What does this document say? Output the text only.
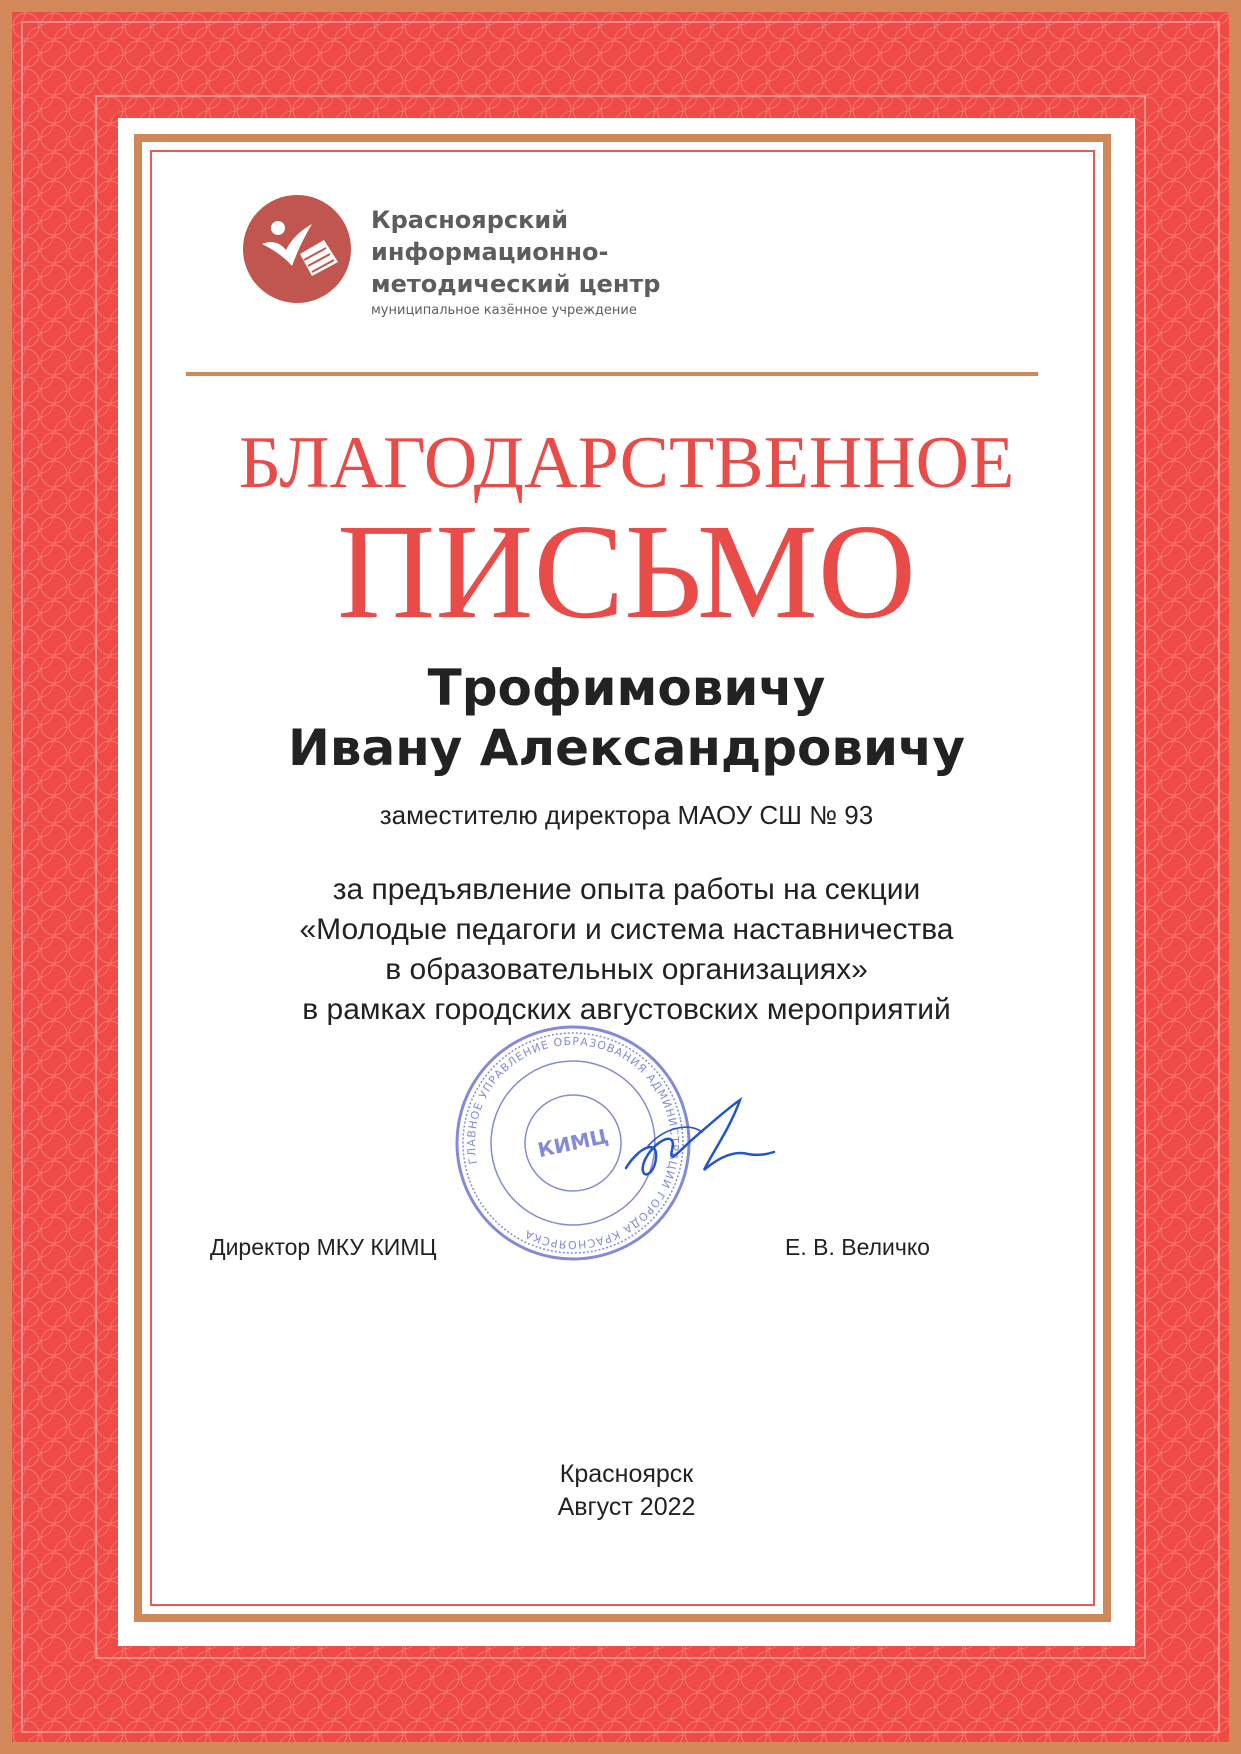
Красноярский
информационно-
методический центр
муниципальное казённое учреждение
БЛАГОДАРСТВЕННОЕ
ПИСЬМО
Трофимовичу
Ивану Александровичу
заместителю директора МАОУ СШ № 93
за предъявление опыта работы на секции
«Молодые педагоги и система наставничества
в образовательных организациях»
в рамках городских августовских мероприятий
ГЛАВНОЕ УПРАВЛЕНИЕ ОБРАЗОВАНИЯ АДМИНИСТРАЦИИ ГОРОДА КРАСНОЯРСКА
КИМЦ
Директор МКУ КИМЦ	Е. В. Величко
Красноярск
Август 2022
